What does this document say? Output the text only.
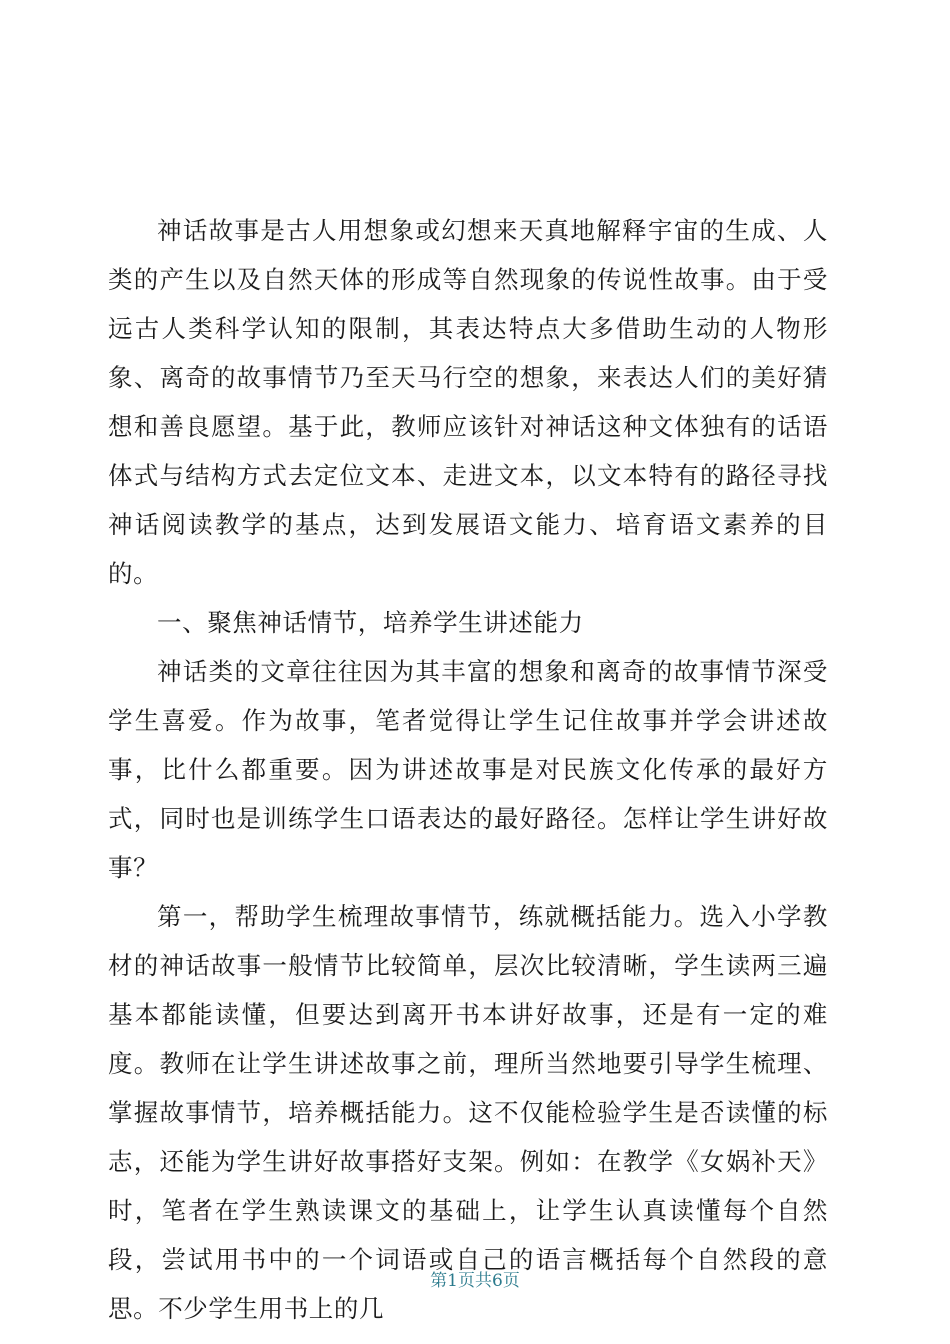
神话故事是古人用想象或幻想来天真地解释宇宙的生成、人类的产生以及自然天体的形成等自然现象的传说性故事。由于受远古人类科学认知的限制，其表达特点大多借助生动的人物形象、离奇的故事情节乃至天马行空的想象，来表达人们的美好猜想和善良愿望。基于此，教师应该针对神话这种文体独有的话语体式与结构方式去定位文本、走进文本，以文本特有的路径寻找神话阅读教学的基点，达到发展语文能力、培育语文素养的目的。

一、聚焦神话情节，培养学生讲述能力

神话类的文章往往因为其丰富的想象和离奇的故事情节深受学生喜爱。作为故事，笔者觉得让学生记住故事并学会讲述故事，比什么都重要。因为讲述故事是对民族文化传承的最好方式，同时也是训练学生口语表达的最好路径。怎样让学生讲好故事？

第一，帮助学生梳理故事情节，练就概括能力。选入小学教材的神话故事一般情节比较简单，层次比较清晰，学生读两三遍基本都能读懂，但要达到离开书本讲好故事，还是有一定的难度。教师在让学生讲述故事之前，理所当然地要引导学生梳理、掌握故事情节，培养概括能力。这不仅能检验学生是否读懂的标志，还能为学生讲好故事搭好支架。例如：在教学《女娲补天》时，笔者在学生熟读课文的基础上，让学生认真读懂每个自然段，尝试用书中的一个词语或自己的语言概括每个自然段的意思。不少学生用书上的几

第1页共6页
